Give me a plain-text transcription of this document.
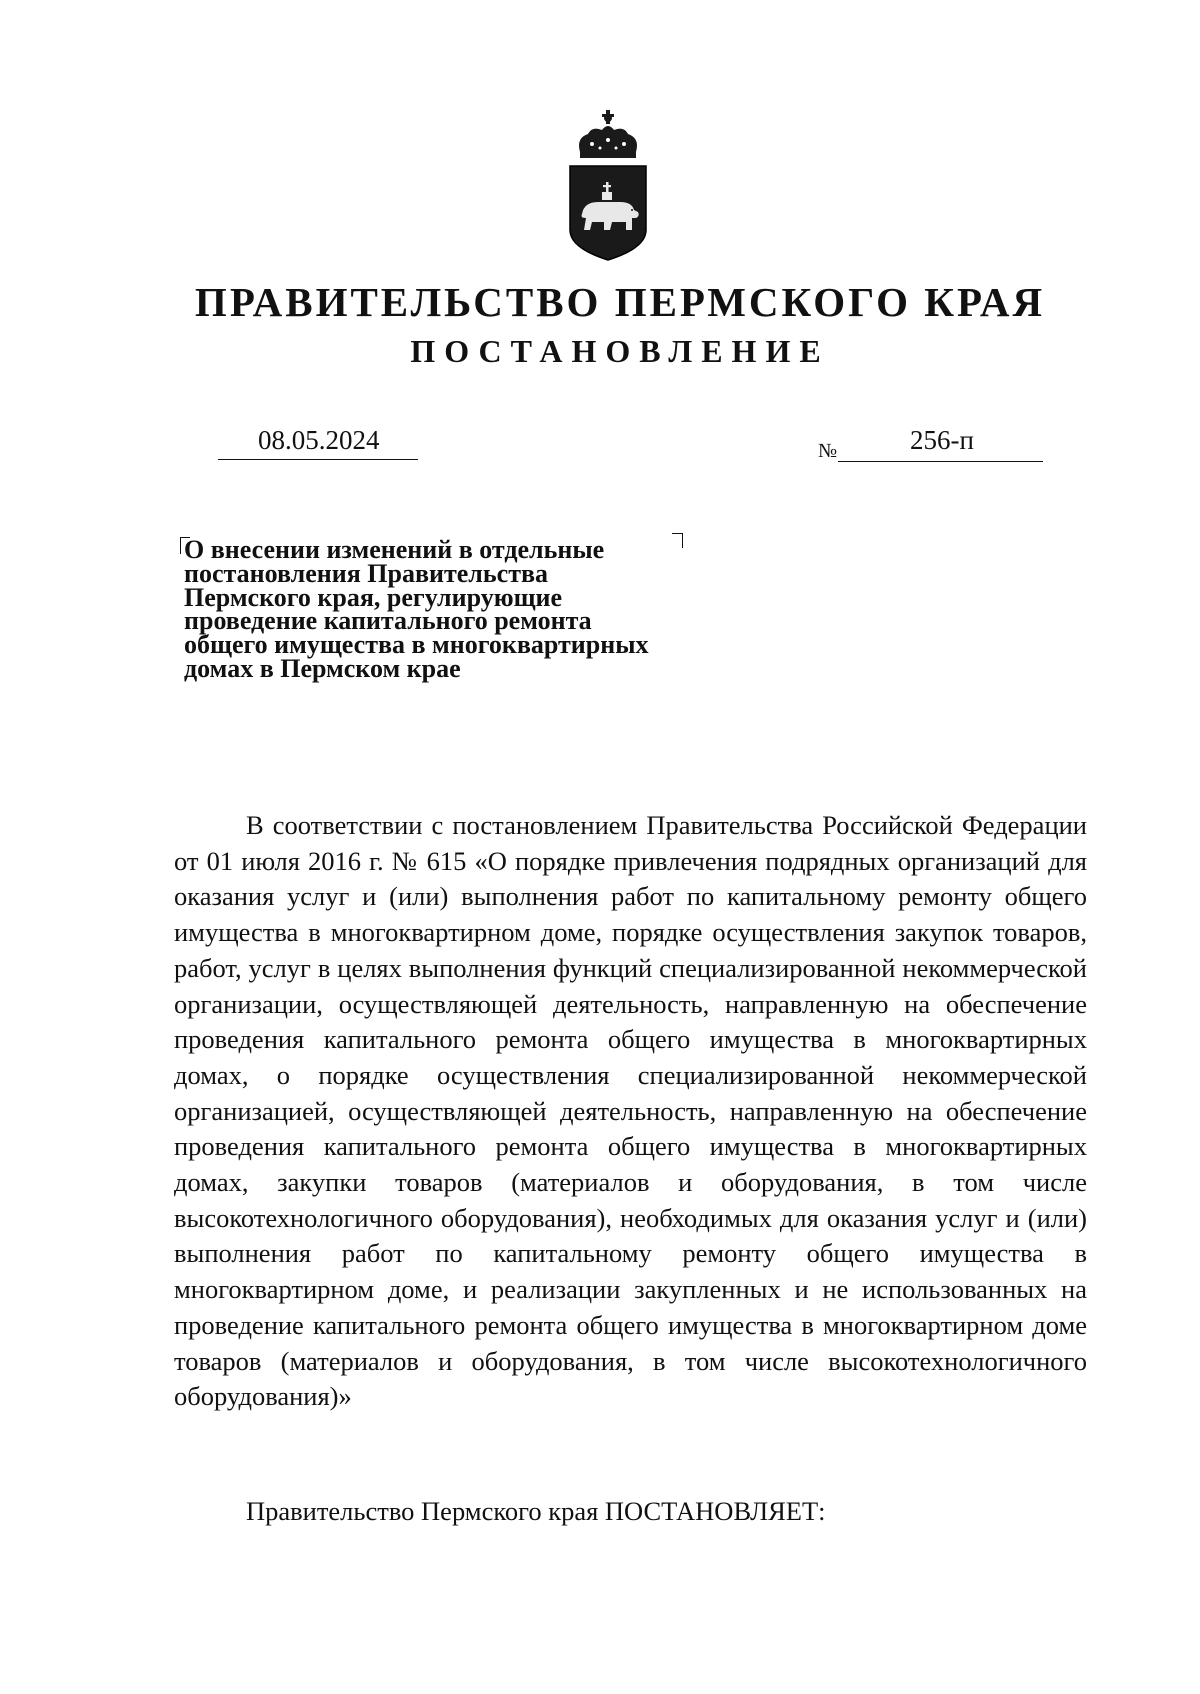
ПРАВИТЕЛЬСТВО ПЕРМСКОГО КРАЯ
ПОСТАНОВЛЕНИЕ
08.05.2024	№	256-п
О внесении изменений в отдельные постановления Правительства Пермского края, регулирующие проведение капитального ремонта общего имущества в многоквартирных домах в Пермском крае
В соответствии с постановлением Правительства Российской Федерации от 01 июля 2016 г. № 615 «О порядке привлечения подрядных организаций для оказания услуг и (или) выполнения работ по капитальному ремонту общего имущества в многоквартирном доме, порядке осуществления закупок товаров, работ, услуг в целях выполнения функций специализированной некоммерческой организации, осуществляющей деятельность, направленную на обеспечение проведения капитального ремонта общего имущества в многоквартирных домах, о порядке осуществления специализированной некоммерческой организацией, осуществляющей деятельность, направленную на обеспечение проведения капитального ремонта общего имущества в многоквартирных домах, закупки товаров (материалов и оборудования, в том числе высокотехнологичного оборудования), необходимых для оказания услуг и (или) выполнения работ по капитальному ремонту общего имущества в многоквартирном доме, и реализации закупленных и не использованных на проведение капитального ремонта общего имущества в многоквартирном доме товаров (материалов и оборудования, в том числе высокотехнологичного оборудования)»
Правительство Пермского края ПОСТАНОВЛЯЕТ:
